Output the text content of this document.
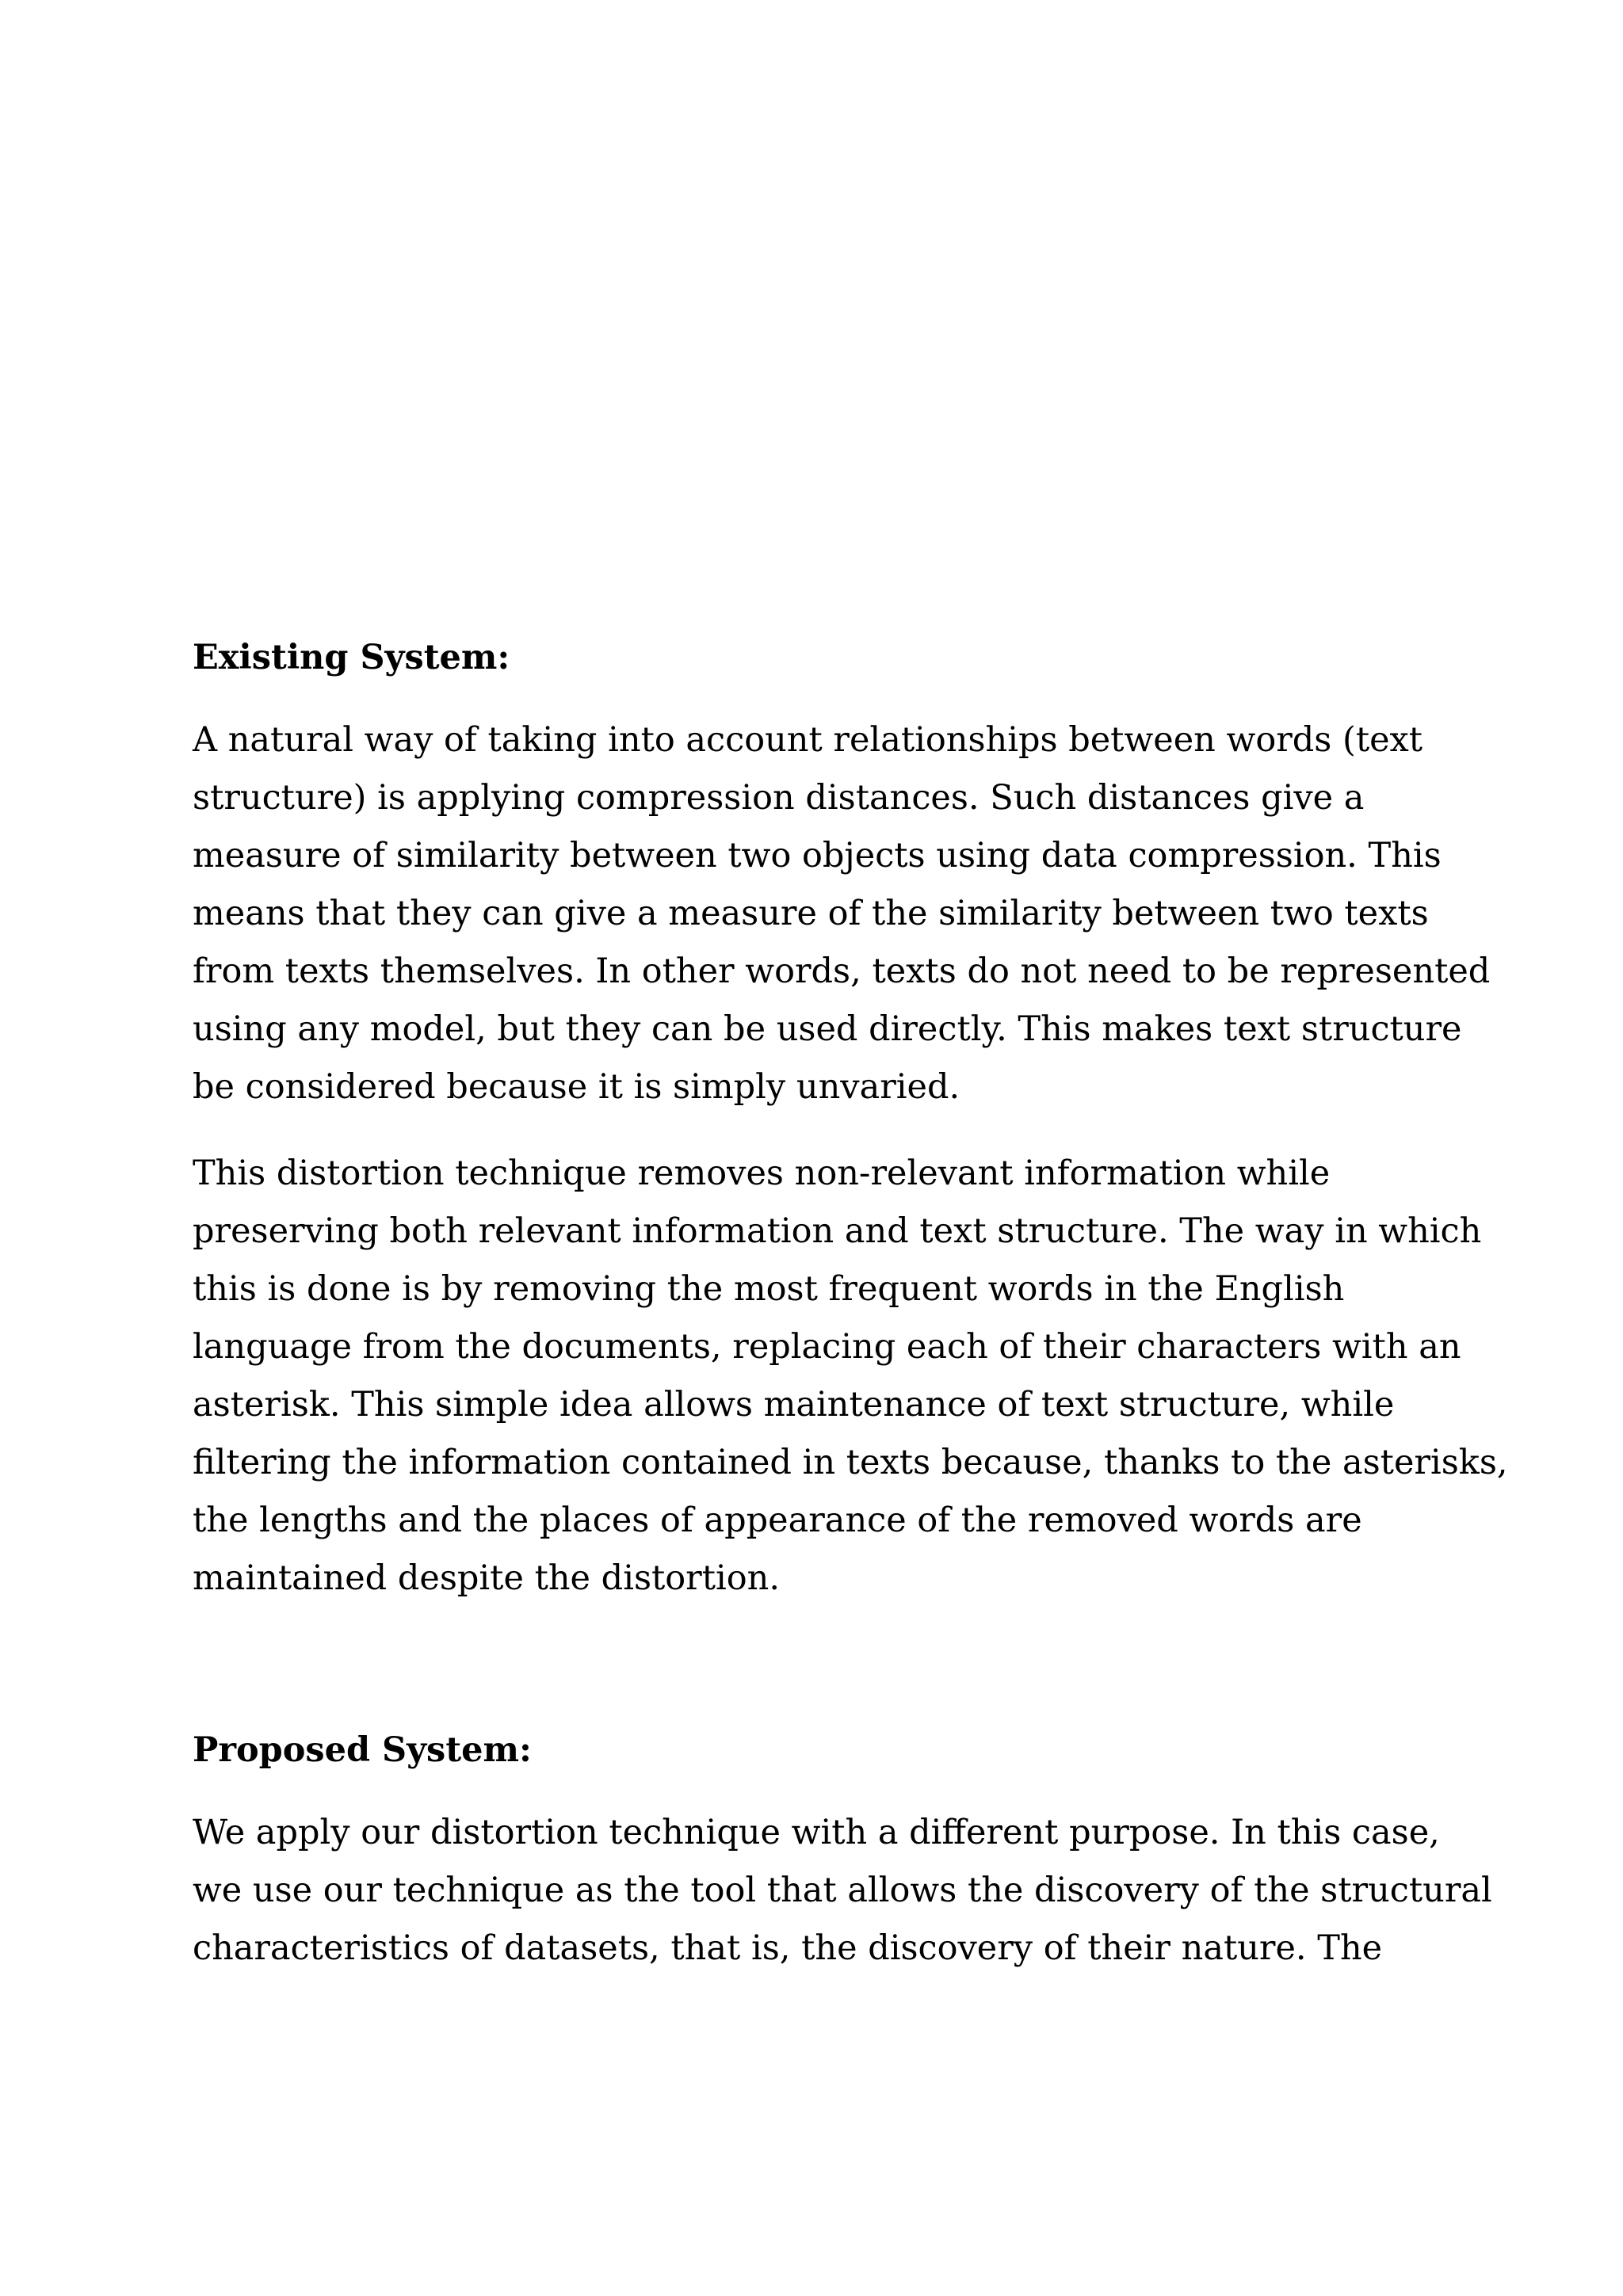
Existing System:

A natural way of taking into account relationships between words (text
structure) is applying compression distances. Such distances give a
measure of similarity between two objects using data compression. This
means that they can give a measure of the similarity between two texts
from texts themselves. In other words, texts do not need to be represented
using any model, but they can be used directly. This makes text structure
be considered because it is simply unvaried.

This distortion technique removes non-relevant information while
preserving both relevant information and text structure. The way in which
this is done is by removing the most frequent words in the English
language from the documents, replacing each of their characters with an
asterisk. This simple idea allows maintenance of text structure, while
filtering the information contained in texts because, thanks to the asterisks,
the lengths and the places of appearance of the removed words are
maintained despite the distortion.

Proposed System:

We apply our distortion technique with a different purpose. In this case,
we use our technique as the tool that allows the discovery of the structural
characteristics of datasets, that is, the discovery of their nature. The
